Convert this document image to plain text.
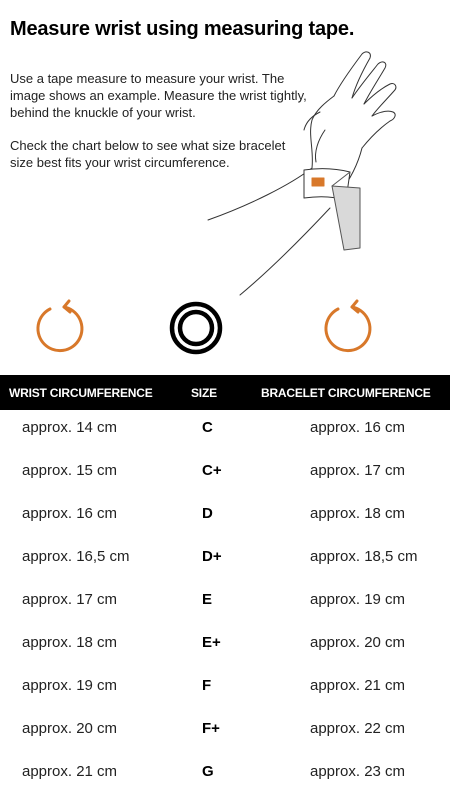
Measure wrist using measuring tape.

Use a tape measure to measure your wrist. The image shows an example. Measure the wrist tightly, behind the knuckle of your wrist.

Check the chart below to see what size bracelet size best fits your wrist circumference.

WRIST CIRCUMFERENCE	SIZE	BRACELET CIRCUMFERENCE
approx. 14 cm	C	approx. 16 cm
approx. 15 cm	C+	approx. 17 cm
approx. 16 cm	D	approx. 18 cm
approx. 16,5 cm	D+	approx. 18,5 cm
approx. 17 cm	E	approx. 19 cm
approx. 18 cm	E+	approx. 20 cm
approx. 19 cm	F	approx. 21 cm
approx. 20 cm	F+	approx. 22 cm
approx. 21 cm	G	approx. 23 cm
